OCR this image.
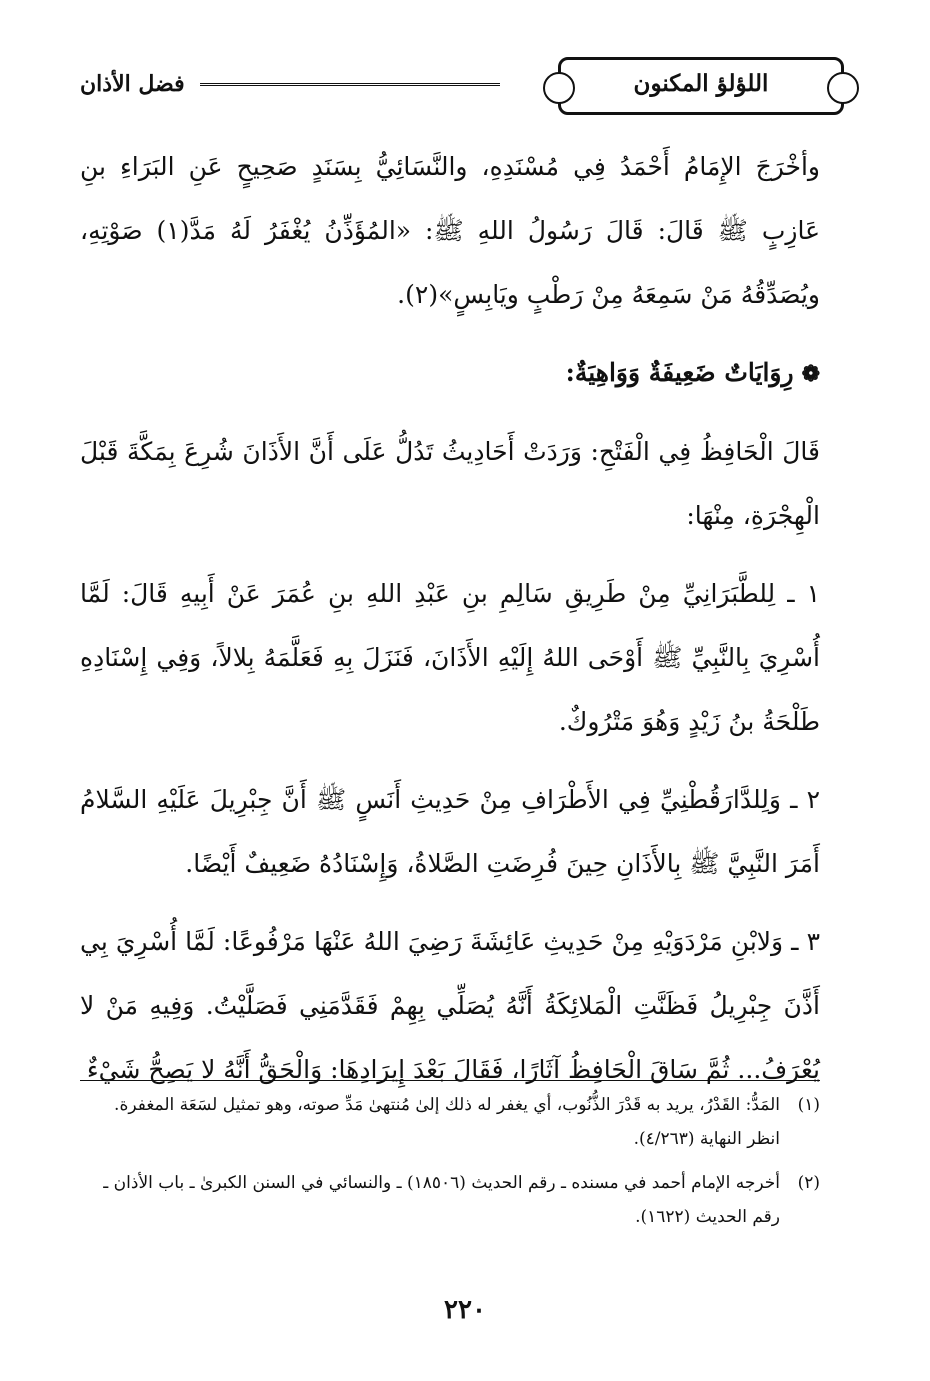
فضل الأذان	اللؤلؤ المكنون

وأخْرَجَ الإِمَامُ أَحْمَدُ فِي مُسْنَدِهِ، والنَّسَائِيُّ بِسَنَدٍ صَحِيحٍ عَنِ البَرَاءِ بنِ عَازِبٍ ﷺ قَالَ: قَالَ رَسُولُ اللهِ ﷺ: «المُؤَذِّنُ يُغْفَرُ لَهُ مَدَّ(١) صَوْتِهِ، ويُصَدِّقُهُ مَنْ سَمِعَهُ مِنْ رَطْبٍ ويَابِسٍ»(٢).

❁رِوَايَاتٌ ضَعِيفَةٌ وَوَاهِيَةٌ:

قَالَ الْحَافِظُ فِي الْفَتْحِ: وَرَدَتْ أَحَادِيثُ تَدُلُّ عَلَى أَنَّ الأَذَانَ شُرِعَ بِمَكَّةَ قَبْلَ الْهِجْرَةِ، مِنْهَا:

١ ـ لِلطَّبَرَانِيِّ مِنْ طَرِيقِ سَالِمِ بنِ عَبْدِ اللهِ بنِ عُمَرَ عَنْ أَبِيهِ قَالَ: لَمَّا أُسْرِيَ بِالنَّبِيِّ ﷺ أَوْحَى اللهُ إِلَيْهِ الأَذَانَ، فَنَزَلَ بِهِ فَعَلَّمَهُ بِلالاً، وَفِي إِسْنَادِهِ طَلْحَةُ بنُ زَيْدٍ وَهُوَ مَتْرُوكٌ.

٢ ـ وَلِلدَّارَقُطْنِيِّ فِي الأَطْرَافِ مِنْ حَدِيثِ أَنَسٍ ﷺ أَنَّ جِبْرِيلَ عَلَيْهِ السَّلامُ أَمَرَ النَّبِيَّ ﷺ بِالأَذَانِ حِينَ فُرِضَتِ الصَّلاةُ، وَإِسْنَادُهُ ضَعِيفٌ أَيْضًا.

٣ ـ وَلابْنِ مَرْدَوَيْهِ مِنْ حَدِيثِ عَائِشَةَ رَضِيَ اللهُ عَنْهَا مَرْفُوعًا: لَمَّا أُسْرِيَ بِي أَذَّنَ جِبْرِيلُ فَظَنَّتِ الْمَلائِكَةُ أَنَّهُ يُصَلِّي بِهِمْ فَقَدَّمَنِي فَصَلَّيْتُ. وَفِيهِ مَنْ لا يُعْرَفُ... ثُمَّ سَاقَ الْحَافِظُ آثَارًا، فَقَالَ بَعْدَ إِيرَادِهَا: وَالْحَقُّ أَنَّهُ لا يَصِحُّ شَيْءٌ

(١)
المَدُّ: القَدْرُ، يريد به قَدْرَ الذُّنُوب، أي يغفر له ذلك إلىٰ مُنتهىٰ مَدِّ صوته، وهو تمثيل لسَعَة المغفرة. انظر النهاية (٤/٢٦٣).

(٢)
أخرجه الإمام أحمد في مسنده ـ رقم الحديث (١٨٥٠٦) ـ والنسائي في السنن الكبرىٰ ـ باب الأذان ـ رقم الحديث (١٦٢٢).

٢٢٠
